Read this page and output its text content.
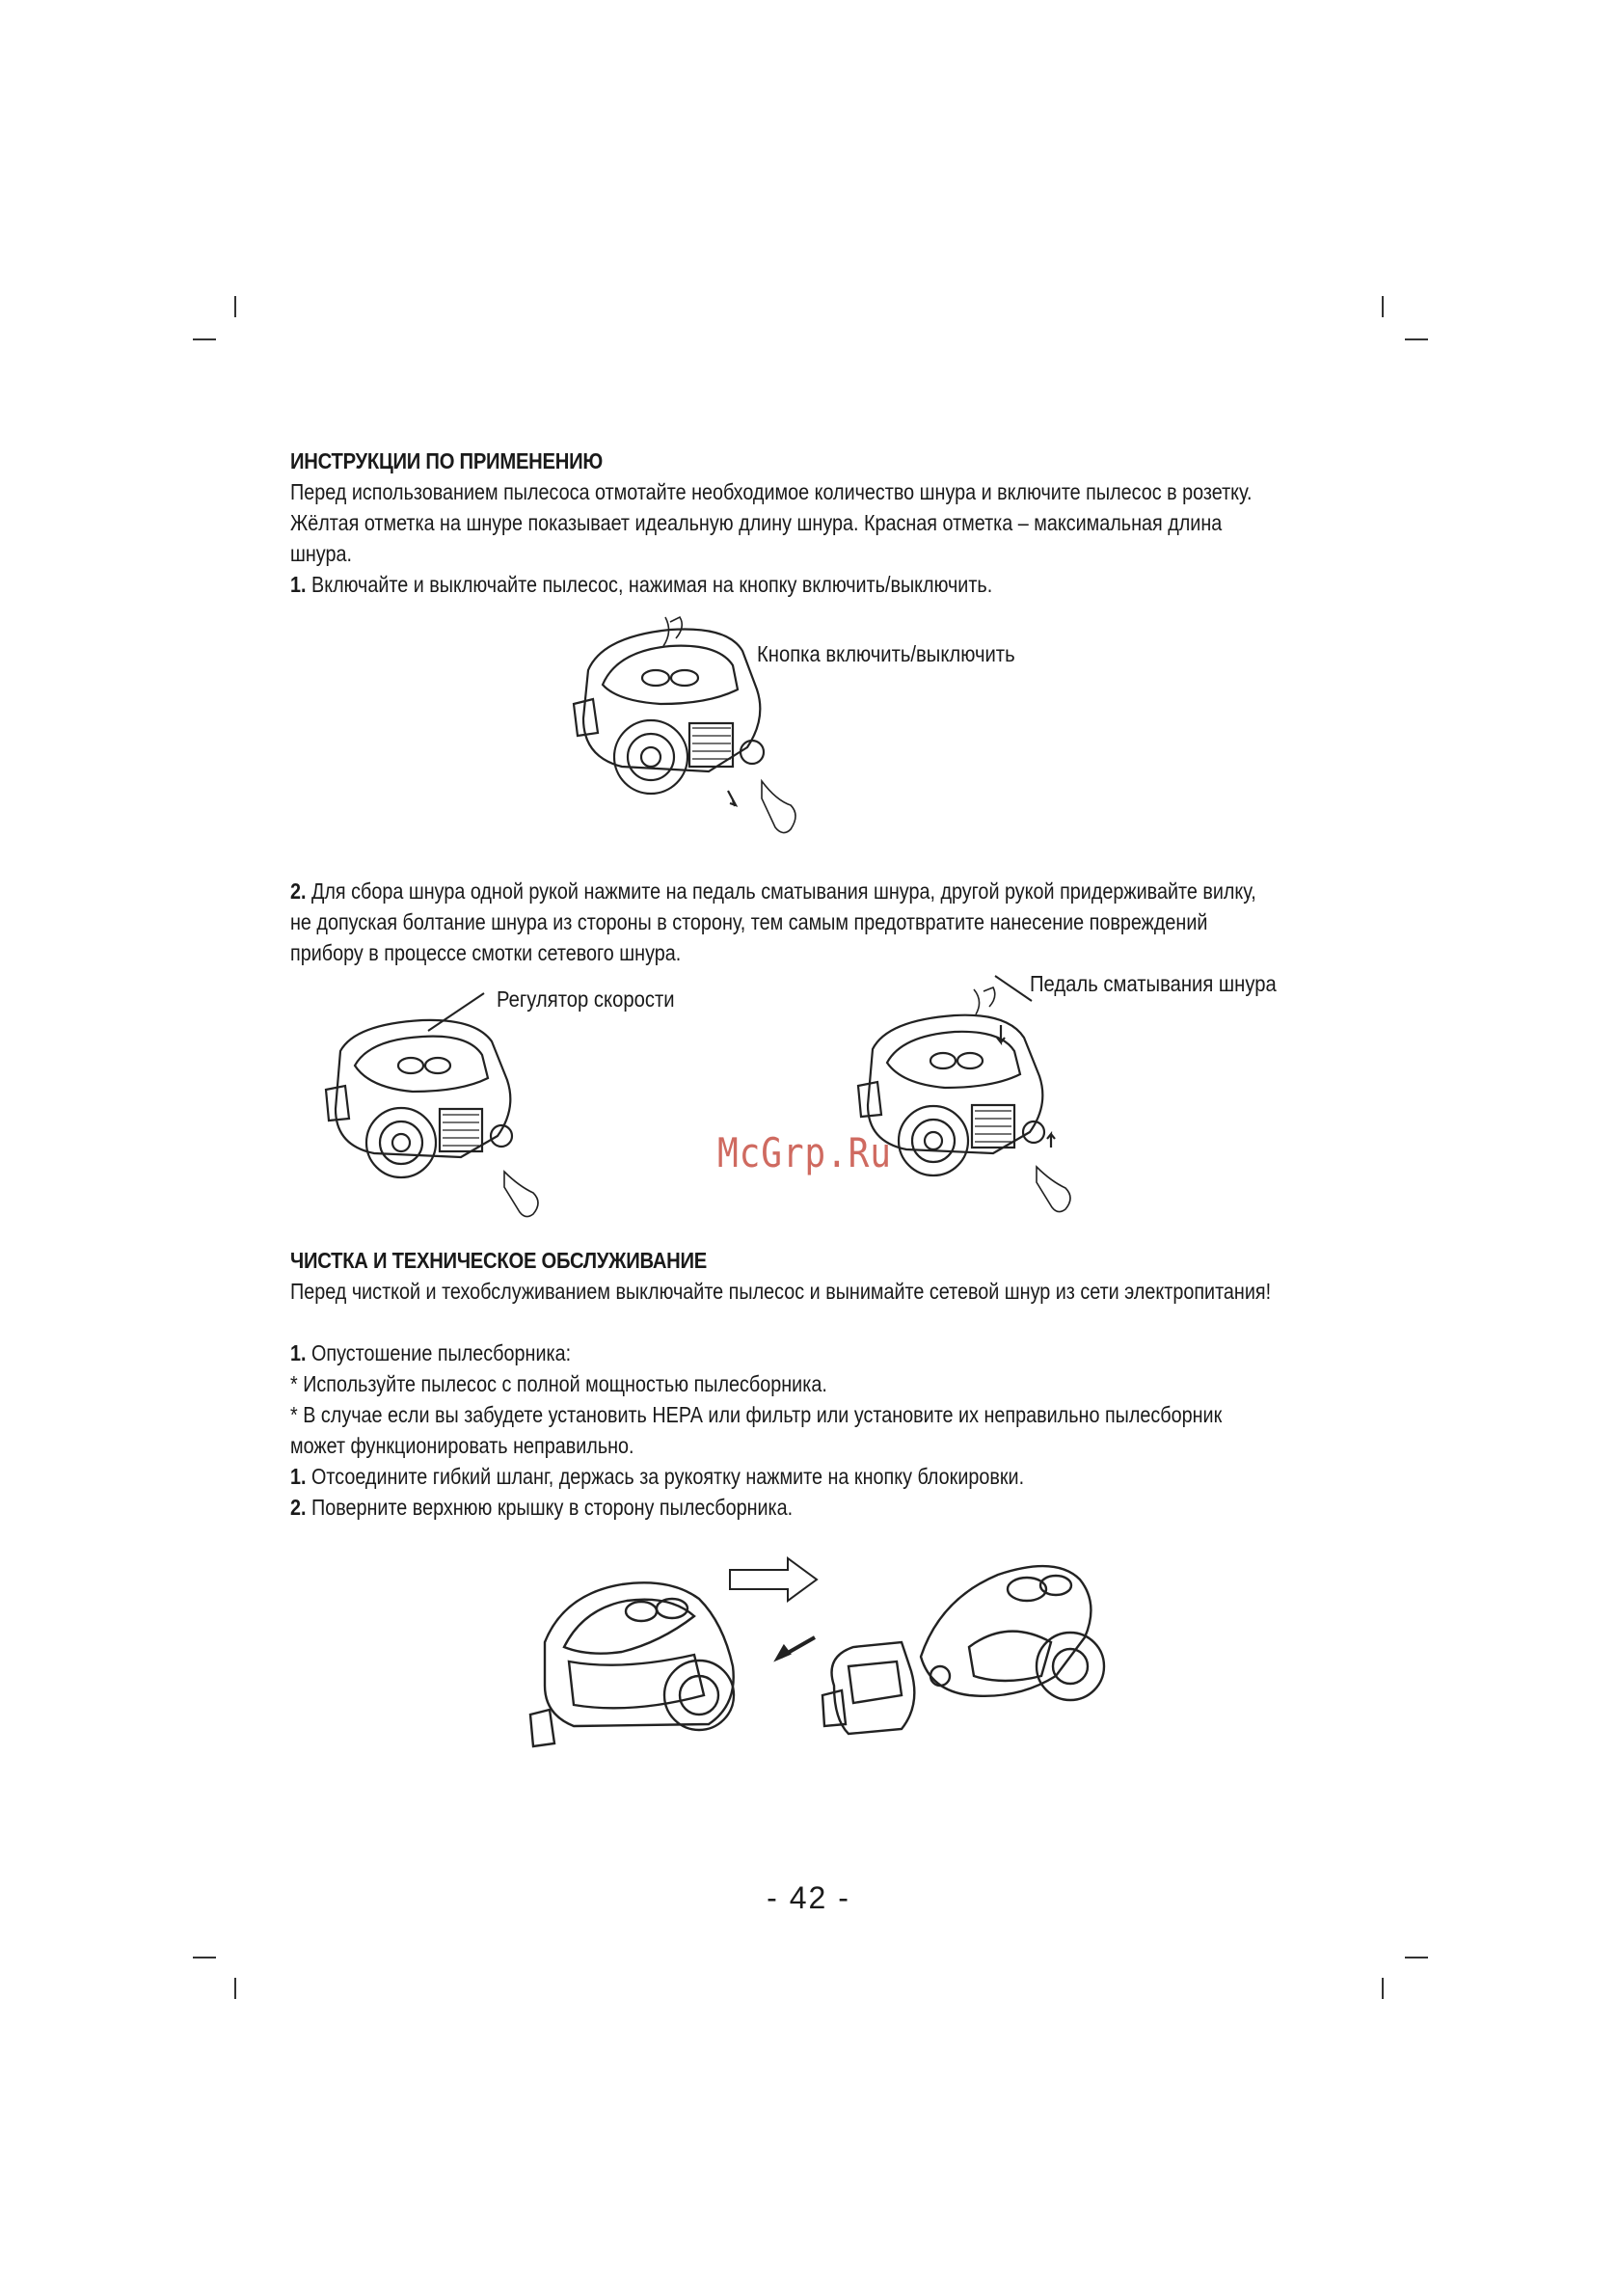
ИНСТРУКЦИИ ПО ПРИМЕНЕНИЮ

Перед использованием пылесоса отмотайте необходимое количество шнура и включите пылесос в розетку.

Жёлтая отметка на шнуре показывает идеальную длину шнура. Красная отметка – максимальная длина

шнура.

1. Включайте и выключайте пылесос, нажимая на кнопку включить/выключить.

Кнопка включить/выключить

2. Для сбора шнура одной рукой нажмите на педаль сматывания шнура, другой рукой придерживайте вилку,

не допуская болтание шнура из стороны в сторону, тем самым предотвратите нанесение повреждений

прибору в процессе смотки сетевого шнура.

Регулятор скорости
Педаль сматывания шнура
McGrp.Ru

ЧИСТКА И ТЕХНИЧЕСКОЕ ОБСЛУЖИВАНИЕ

Перед чисткой и техобслуживанием выключайте пылесос и вынимайте сетевой шнур из сети электропитания!

1. Опустошение пылесборника:

* Используйте пылесос с полной мощностью пылесборника.

* В случае если вы забудете установить НЕРА или фильтр или установите их неправильно пылесборник

может функционировать неправильно.

1. Отсоедините гибкий шланг, держась за рукоятку нажмите на кнопку блокировки.

2. Поверните верхнюю крышку в сторону пылесборника.

- 42 -
